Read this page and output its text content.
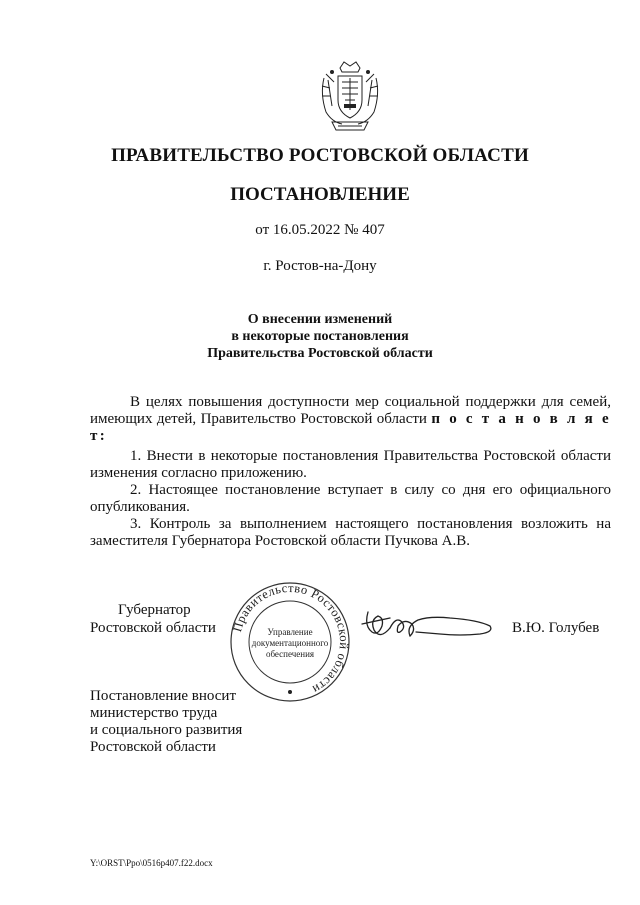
ПРАВИТЕЛЬСТВО РОСТОВСКОЙ ОБЛАСТИ
ПОСТАНОВЛЕНИЕ
от 16.05.2022 № 407
г. Ростов-на-Дону
О внесении изменений
в некоторые постановления
Правительства Ростовской области

В целях повышения доступности мер социальной поддержки для семей, имеющих детей, Правительство Ростовской области п о с т а н о в л я е т:

1. Внести в некоторые постановления Правительства Ростовской области изменения согласно приложению.

2. Настоящее постановление вступает в силу со дня его официального опубликования.

3. Контроль за выполнением настоящего постановления возложить на заместителя Губернатора Ростовской области Пучкова А.В.

Губернатор
Ростовской области	Правительство Ростовской области
Управление
документационного
обеспечения
В.Ю. Голубев
Постановление вносит
министерство труда
и социального развития
Ростовской области
Y:\ORST\Ppo\0516p407.f22.docx
